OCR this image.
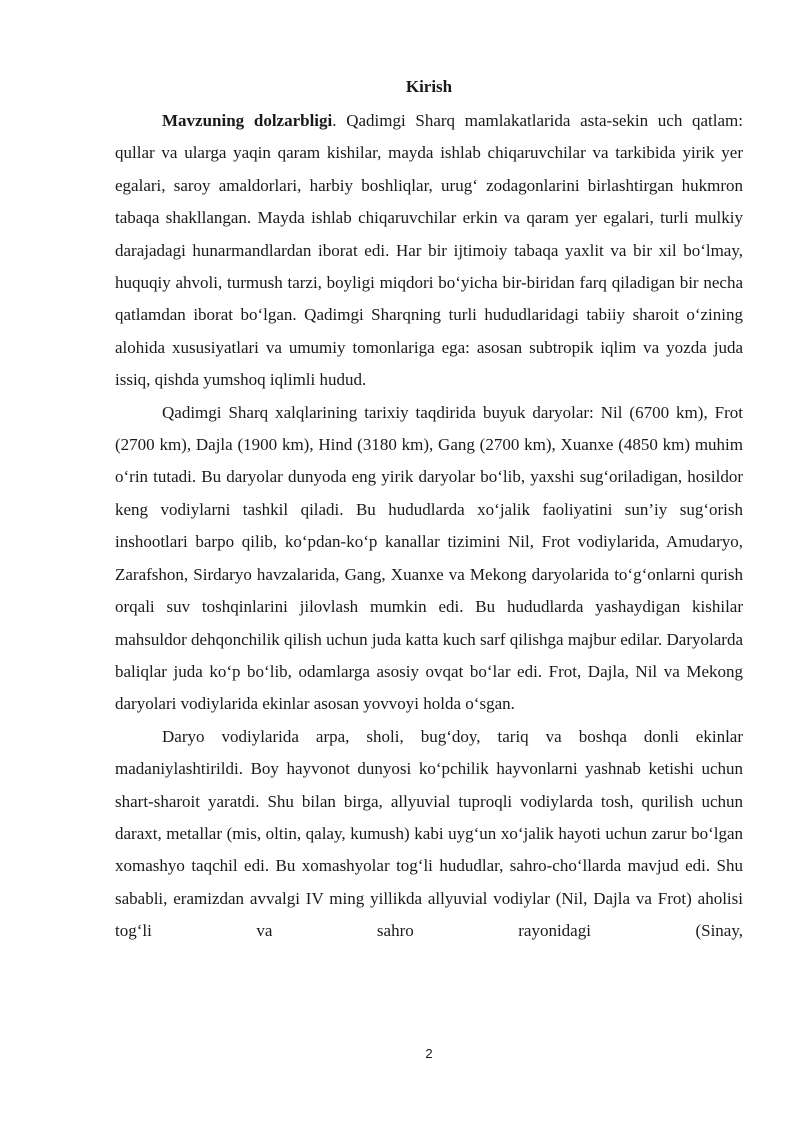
Kirish

Mavzuning dolzarbligi. Qadimgi Sharq mamlakatlarida asta-sekin uch qatlam: qullar va ularga yaqin qaram kishilar, mayda ishlab chiqaruvchilar va tarkibida yirik yer egalari, saroy amaldorlari, harbiy boshliqlar, urug‘ zodagonlarini birlashtirgan hukmron tabaqa shakllangan. Mayda ishlab chiqaruvchilar erkin va qaram yer egalari, turli mulkiy darajadagi hunarmandlardan iborat edi. Har bir ijtimoiy tabaqa yaxlit va bir xil bo‘lmay, huquqiy ahvoli, turmush tarzi, boyligi miqdori bo‘yicha bir-biridan farq qiladigan bir necha qatlamdan iborat bo‘lgan. Qadimgi Sharqning turli hududlaridagi tabiiy sharoit o‘zining alohida xususiyatlari va umumiy tomonlariga ega: asosan subtropik iqlim va yozda juda issiq, qishda yumshoq iqlimli hudud.

Qadimgi Sharq xalqlarining tarixiy taqdirida buyuk daryolar: Nil (6700 km), Frot (2700 km), Dajla (1900 km), Hind (3180 km), Gang (2700 km), Xuanxe (4850 km) muhim o‘rin tutadi. Bu daryolar dunyoda eng yirik daryolar bo‘lib, yaxshi sug‘oriladigan, hosildor keng vodiylarni tashkil qiladi. Bu hududlarda xo‘jalik faoliyatini sun’iy sug‘orish inshootlari barpo qilib, ko‘pdan-ko‘p kanallar tizimini Nil, Frot vodiylarida, Amudaryo, Zarafshon, Sirdaryo havzalarida, Gang, Xuanxe va Mekong daryolarida to‘g‘onlarni qurish orqali suv toshqinlarini jilovlash mumkin edi. Bu hududlarda yashaydigan kishilar mahsuldor dehqonchilik qilish uchun juda katta kuch sarf qilishga majbur edilar. Daryolarda baliqlar juda ko‘p bo‘lib, odamlarga asosiy ovqat bo‘lar edi. Frot, Dajla, Nil va Mekong daryolari vodiylarida ekinlar asosan yovvoyi holda o‘sgan.

Daryo vodiylarida arpa, sholi, bug‘doy, tariq va boshqa donli ekinlar madaniylashtirildi. Boy hayvonot dunyosi ko‘pchilik hayvonlarni yashnab ketishi uchun shart-sharoit yaratdi. Shu bilan birga, allyuvial tuproqli vodiylarda tosh, qurilish uchun daraxt, metallar (mis, oltin, qalay, kumush) kabi uyg‘un xo‘jalik hayoti uchun zarur bo‘lgan xomashyo taqchil edi. Bu xomashyolar tog‘li hududlar, sahro-cho‘llarda mavjud edi. Shu sababli, eramizdan avvalgi IV ming yillikda allyuvial vodiylar (Nil, Dajla va Frot) aholisi tog‘li va sahro rayonidagi (Sinay,

2
